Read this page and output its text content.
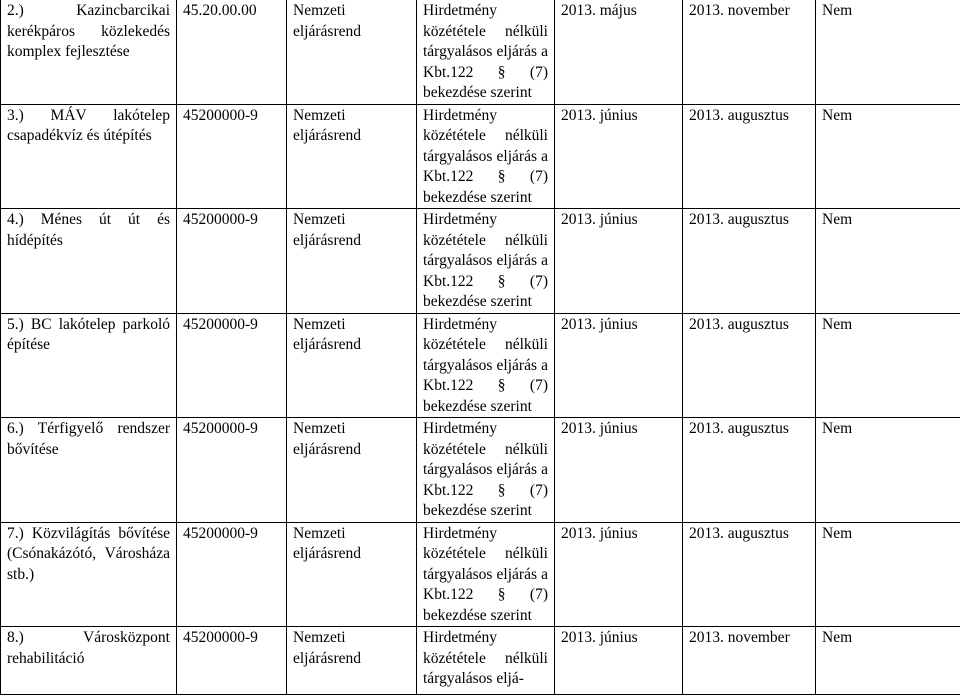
2.) Kazincbarcikai kerékpáros közlekedés komplex fejlesztése	45.20.00.00	Nemzeti eljárásrend	Hirdetmény közététele nélküli tárgyalásos eljárás a Kbt.122 § (7) bekezdése szerint	2013. május	2013. november	Nem
3.) MÁV lakótelep csapadékvíz és útépítés	45200000-9	Nemzeti eljárásrend	Hirdetmény közététele nélküli tárgyalásos eljárás a Kbt.122 § (7) bekezdése szerint	2013. június	2013. augusztus	Nem
4.) Ménes út út és hídépítés	45200000-9	Nemzeti eljárásrend	Hirdetmény közététele nélküli tárgyalásos eljárás a Kbt.122 § (7) bekezdése szerint	2013. június	2013. augusztus	Nem
5.) BC lakótelep parkoló építése	45200000-9	Nemzeti eljárásrend	Hirdetmény közététele nélküli tárgyalásos eljárás a Kbt.122 § (7) bekezdése szerint	2013. június	2013. augusztus	Nem
6.) Térfigyelő rendszer bővítése	45200000-9	Nemzeti eljárásrend	Hirdetmény közététele nélküli tárgyalásos eljárás a Kbt.122 § (7) bekezdése szerint	2013. június	2013. augusztus	Nem
7.) Közvilágítás bővítése (Csónakázótó, Városháza stb.)	45200000-9	Nemzeti eljárásrend	Hirdetmény közététele nélküli tárgyalásos eljárás a Kbt.122 § (7) bekezdése szerint	2013. június	2013. augusztus	Nem
8.) Városközpont rehabilitáció	45200000-9	Nemzeti eljárásrend	Hirdetmény közététele nélküli tárgyalásos eljá-	2013. június	2013. november	Nem
